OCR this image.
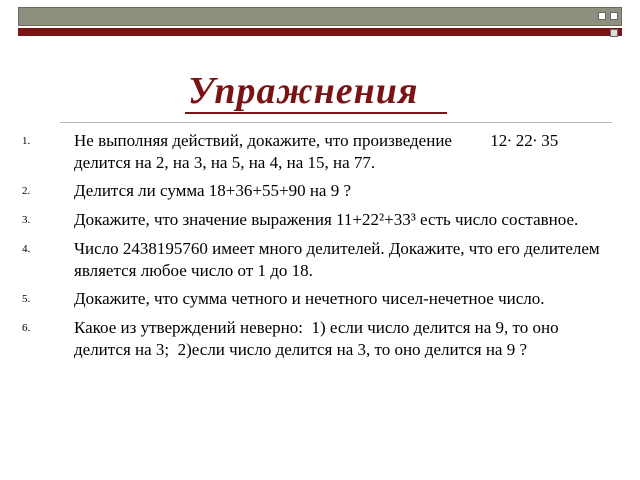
Упражнения
1.	Не выполняя действий, докажите, что произведение         12∙ 22∙ 35 делится на 2, на 3, на 5, на 4, на 15, на 77.
2.	Делится ли сумма 18+36+55+90 на 9 ?
3.	Докажите, что значение выражения 11+22²+33³ есть число составное.
4.	Число 2438195760 имеет много делителей. Докажите, что его делителем является любое число от 1 до 18.
5.	Докажите, что сумма четного и нечетного чисел-нечетное число.
6.	Какое из утверждений неверно:  1) если число делится на 9, то оно делится на 3;  2)если число делится на 3, то оно делится на 9 ?
